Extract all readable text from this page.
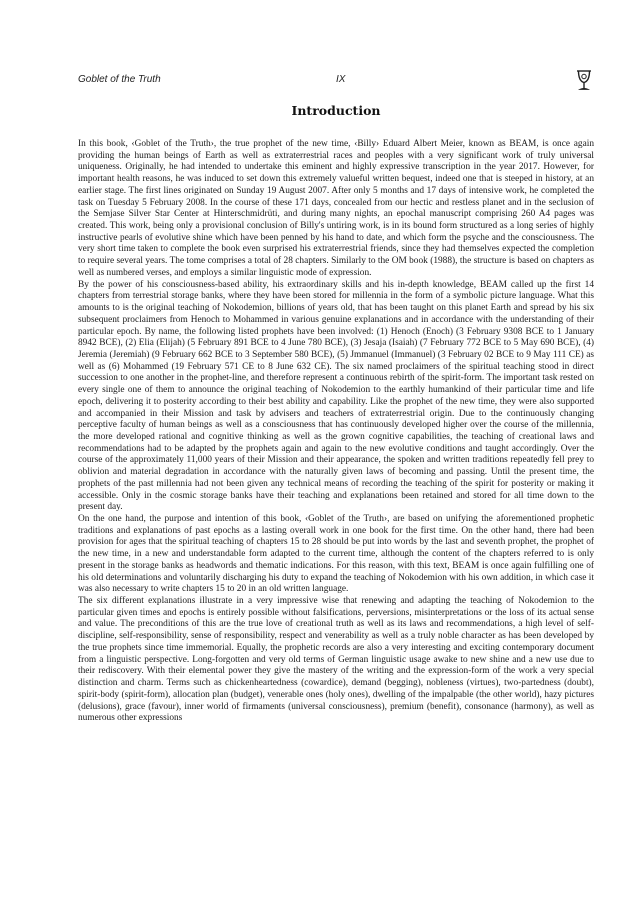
Goblet of the Truth	IX
Introduction

In this book, ‹Goblet of the Truth›, the true prophet of the new time, ‹Billy› Eduard Albert Meier, known as BEAM, is once again providing the human beings of Earth as well as extraterrestrial races and peoples with a very significant work of truly universal uniqueness. Originally, he had intended to undertake this eminent and highly expressive transcription in the year 2017. However, for important health reasons, he was induced to set down this extremely valueful written bequest, indeed one that is steeped in history, at an earlier stage. The first lines originated on Sunday 19 August 2007. After only 5 months and 17 days of intensive work, he completed the task on Tuesday 5 February 2008. In the course of these 171 days, concealed from our hectic and restless planet and in the seclusion of the Semjase Silver Star Center at Hinterschmidrüti, and during many nights, an epochal manuscript comprising 260 A4 pages was created. This work, being only a provisional conclusion of Billy's untiring work, is in its bound form structured as a long series of highly instructive pearls of evolutive shine which have been penned by his hand to date, and which form the psyche and the consciousness. The very short time taken to complete the book even surprised his extraterrestrial friends, since they had themselves expected the completion to require several years. The tome comprises a total of 28 chapters. Similarly to the OM book (1988), the structure is based on chapters as well as numbered verses, and employs a similar linguistic mode of expression.

By the power of his consciousness-based ability, his extraordinary skills and his in-depth knowledge, BEAM called up the first 14 chapters from terrestrial storage banks, where they have been stored for millennia in the form of a symbolic picture language. What this amounts to is the original teaching of Nokodemion, billions of years old, that has been taught on this planet Earth and spread by his six subsequent proclaimers from Henoch to Mohammed in various genuine explanations and in accordance with the understanding of their particular epoch. By name, the following listed prophets have been involved: (1) Henoch (Enoch) (3 February 9308 BCE to 1 January 8942 BCE), (2) Elia (Elijah) (5 February 891 BCE to 4 June 780 BCE), (3) Jesaja (Isaiah) (7 February 772 BCE to 5 May 690 BCE), (4) Jeremia (Jeremiah) (9 February 662 BCE to 3 September 580 BCE), (5) Jmmanuel (Immanuel) (3 February 02 BCE to 9 May 111 CE) as well as (6) Mohammed (19 February 571 CE to 8 June 632 CE). The six named proclaimers of the spiritual teaching stood in direct succession to one another in the prophet-line, and therefore represent a continuous rebirth of the spirit-form. The important task rested on every single one of them to announce the original teaching of Nokodemion to the earthly humankind of their particular time and life epoch, delivering it to posterity according to their best ability and capability. Like the prophet of the new time, they were also supported and accompanied in their Mission and task by advisers and teachers of extraterrestrial origin. Due to the continuously changing perceptive faculty of human beings as well as a consciousness that has continuously developed higher over the course of the millennia, the more developed rational and cognitive thinking as well as the grown cognitive capabilities, the teaching of creational laws and recommendations had to be adapted by the prophets again and again to the new evolutive conditions and taught accordingly. Over the course of the approximately 11,000 years of their Mission and their appearance, the spoken and written traditions repeatedly fell prey to oblivion and material degradation in accordance with the naturally given laws of becoming and passing. Until the present time, the prophets of the past millennia had not been given any technical means of recording the teaching of the spirit for posterity or making it accessible. Only in the cosmic storage banks have their teaching and explanations been retained and stored for all time down to the present day.

On the one hand, the purpose and intention of this book, ‹Goblet of the Truth›, are based on unifying the aforementioned prophetic traditions and explanations of past epochs as a lasting overall work in one book for the first time. On the other hand, there had been provision for ages that the spiritual teaching of chapters 15 to 28 should be put into words by the last and seventh prophet, the prophet of the new time, in a new and understandable form adapted to the current time, although the content of the chapters referred to is only present in the storage banks as headwords and thematic indications. For this reason, with this text, BEAM is once again fulfilling one of his old determinations and voluntarily discharging his duty to expand the teaching of Nokodemion with his own addition, in which case it was also necessary to write chapters 15 to 20 in an old written language.

The six different explanations illustrate in a very impressive wise that renewing and adapting the teaching of Nokodemion to the particular given times and epochs is entirely possible without falsifications, perversions, misinterpretations or the loss of its actual sense and value. The preconditions of this are the true love of creational truth as well as its laws and recommendations, a high level of self-discipline, self-responsibility, sense of responsibility, respect and venerability as well as a truly noble character as has been developed by the true prophets since time immemorial. Equally, the prophetic records are also a very interesting and exciting contemporary document from a linguistic perspective. Long-forgotten and very old terms of German linguistic usage awake to new shine and a new use due to their rediscovery. With their elemental power they give the mastery of the writing and the expression-form of the work a very special distinction and charm. Terms such as chickenheartedness (cowardice), demand (begging), nobleness (virtues), two-partedness (doubt), spirit-body (spirit-form), allocation plan (budget), venerable ones (holy ones), dwelling of the impalpable (the other world), hazy pictures (delusions), grace (favour), inner world of firmaments (universal consciousness), premium (benefit), consonance (harmony), as well as numerous other expressions
